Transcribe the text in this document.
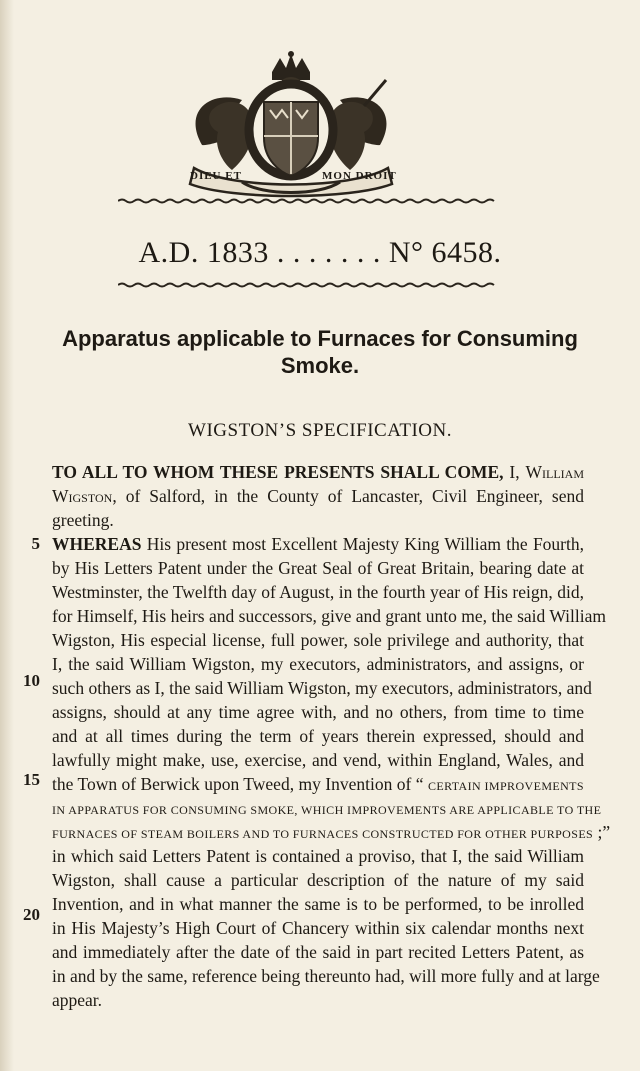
DIEU ET	MON DROIT
A.D. 1833 . . . . . . . N° 6458.
Apparatus applicable to Furnaces for Consuming
Smoke.
WIGSTON’S SPECIFICATION.
5
10
15
20
TO ALL TO WHOM THESE PRESENTS SHALL COME, I, William
Wigston, of Salford, in the County of Lancaster, Civil Engineer, send
greeting.
WHEREAS His present most Excellent Majesty King William the Fourth,
by His Letters Patent under the Great Seal of Great Britain, bearing date at
Westminster, the Twelfth day of August, in the fourth year of His reign, did,
for Himself, His heirs and successors, give and grant unto me, the said William
Wigston, His especial license, full power, sole privilege and authority, that
I, the said William Wigston, my executors, administrators, and assigns, or
such others as I, the said William Wigston, my executors, administrators, and
assigns, should at any time agree with, and no others, from time to time
and at all times during the term of years therein expressed, should and
lawfully might make, use, exercise, and vend, within England, Wales, and
the Town of Berwick upon Tweed, my Invention of “ CERTAIN IMPROVEMENTS
IN APPARATUS FOR CONSUMING SMOKE, WHICH IMPROVEMENTS ARE APPLICABLE TO THE
FURNACES OF STEAM BOILERS AND TO FURNACES CONSTRUCTED FOR OTHER PURPOSES ;”
in which said Letters Patent is contained a proviso, that I, the said William
Wigston, shall cause a particular description of the nature of my said
Invention, and in what manner the same is to be performed, to be inrolled
in His Majesty’s High Court of Chancery within six calendar months next
and immediately after the date of the said in part recited Letters Patent, as
in and by the same, reference being thereunto had, will more fully and at large
appear.
